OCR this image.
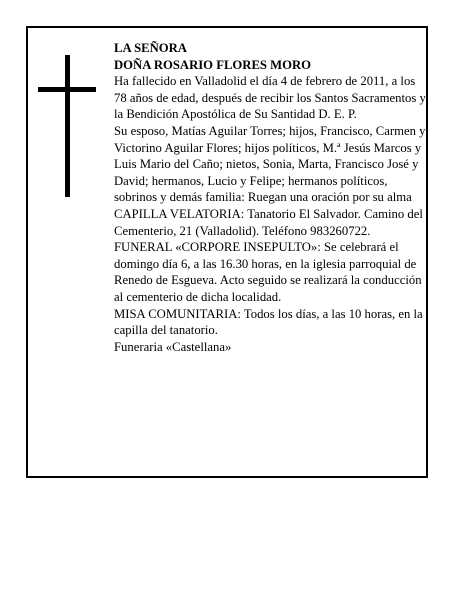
LA SEÑORA

DOÑA ROSARIO FLORES MORO

Ha fallecido en Valladolid el día 4 de febrero de 2011, a los 78 años de edad, después de recibir los Santos Sacramentos y la Bendición Apostólica de Su Santidad D. E. P.

Su esposo, Matías Aguilar Torres; hijos, Francisco, Carmen y Victorino Aguilar Flores; hijos políticos, M.ª Jesús Marcos y Luis Mario del Caño; nietos, Sonia, Marta, Francisco José y David; hermanos, Lucio y Felipe; hermanos políticos, sobrinos y demás familia: Ruegan una oración por su alma

CAPILLA VELATORIA: Tanatorio El Salvador. Camino del Cementerio, 21 (Valladolid). Teléfono 983260722.

FUNERAL «CORPORE INSEPULTO»: Se celebrará el domingo día 6, a las 16.30 horas, en la iglesia parroquial de Renedo de Esgueva. Acto seguido se realizará la conducción al cementerio de dicha localidad.

MISA COMUNITARIA: Todos los días, a las 10 horas, en la capilla del tanatorio.

Funeraria «Castellana»
